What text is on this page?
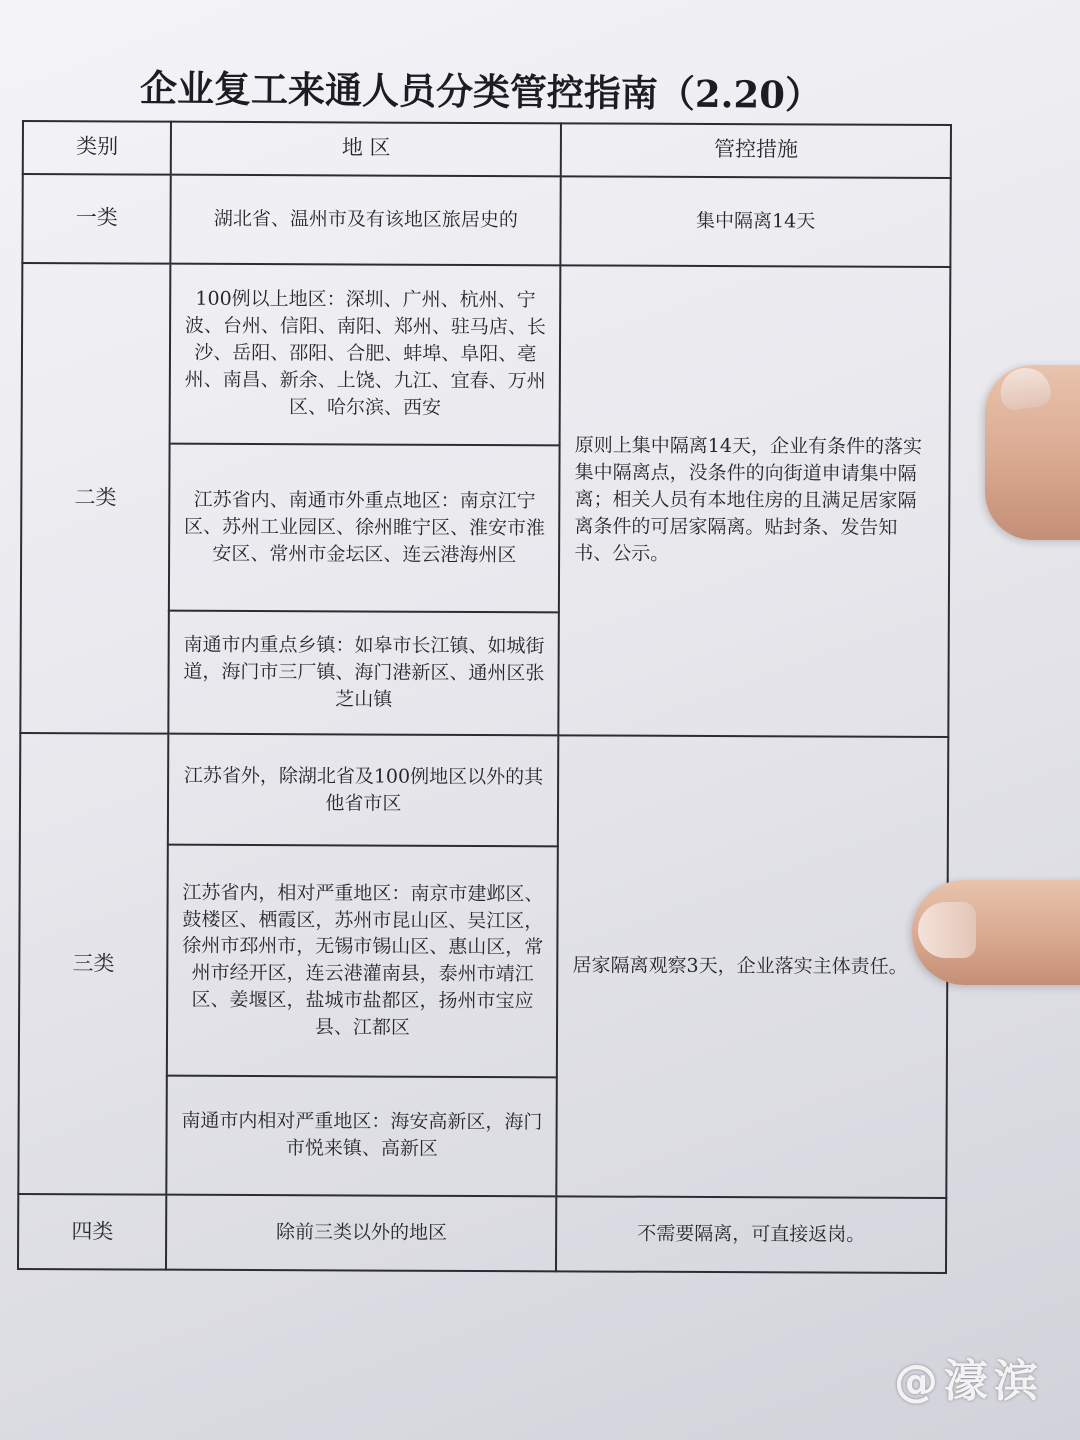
企业复工来通人员分类管控指南（2.20）
类别	地 区	管控措施
一类	湖北省、温州市及有该地区旅居史的	集中隔离14天
二类	100例以上地区：深圳、广州、杭州、宁波、台州、信阳、南阳、郑州、驻马店、长沙、岳阳、邵阳、合肥、蚌埠、阜阳、亳州、南昌、新余、上饶、九江、宜春、万州区、哈尔滨、西安	原则上集中隔离14天，企业有条件的落实集中隔离点，没条件的向街道申请集中隔离；相关人员有本地住房的且满足居家隔离条件的可居家隔离。贴封条、发告知书、公示。
	江苏省内、南通市外重点地区：南京江宁区、苏州工业园区、徐州睢宁区、淮安市淮安区、常州市金坛区、连云港海州区	
	南通市内重点乡镇：如皋市长江镇、如城街道，海门市三厂镇、海门港新区、通州区张芝山镇	
三类	江苏省外，除湖北省及100例地区以外的其他省市区	居家隔离观察3天，企业落实主体责任。
	江苏省内，相对严重地区：南京市建邺区、鼓楼区、栖霞区，苏州市昆山区、吴江区，徐州市邳州市，无锡市锡山区、惠山区，常州市经开区，连云港灌南县，泰州市靖江区、姜堰区，盐城市盐都区，扬州市宝应县、江都区	
	南通市内相对严重地区：海安高新区，海门市悦来镇、高新区	
四类	除前三类以外的地区	不需要隔离，可直接返岗。
@濠滨
